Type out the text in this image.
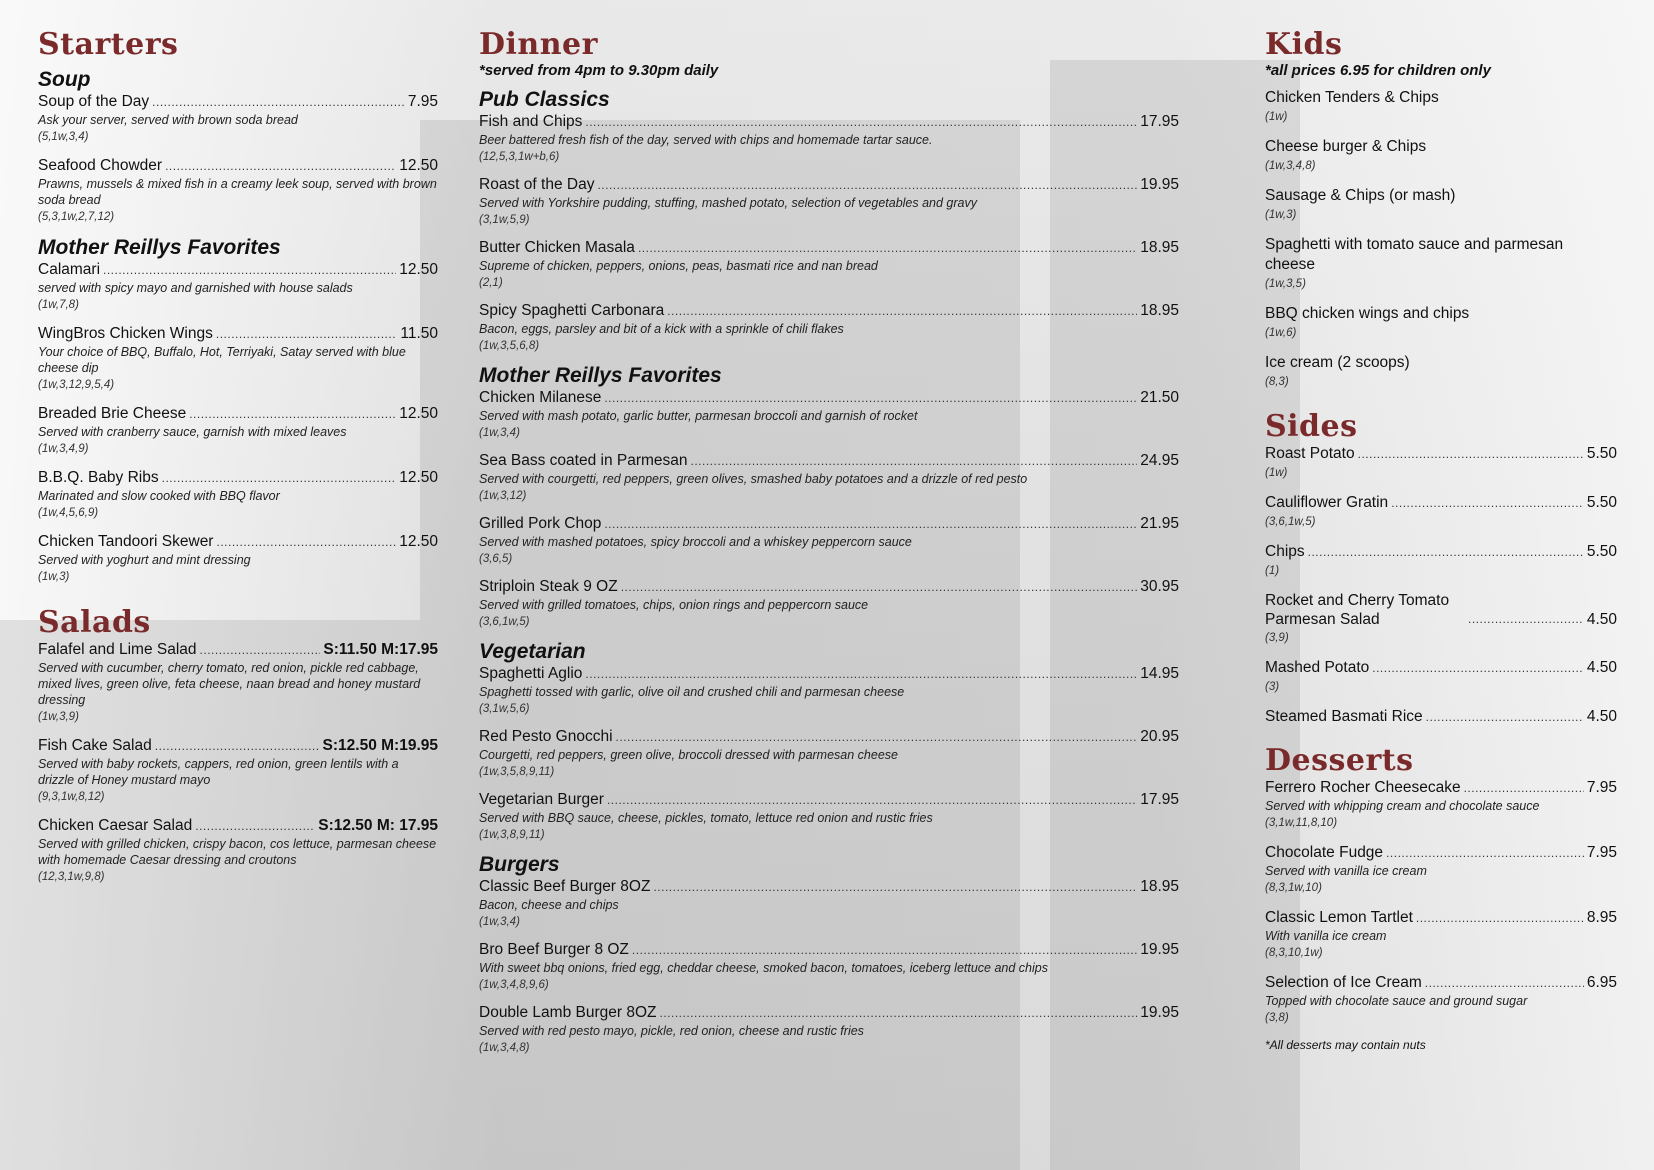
Starters
Soup
Soup of the Day .....	7.95
Ask your server, served with brown soda bread
(5,1w,3,4)
Seafood Chowder .....	12.50
Prawns, mussels & mixed fish in a creamy leek soup, served with brown soda bread
(5,3,1w,2,7,12)
Mother Reillys Favorites
Calamari .....	12.50
served with spicy mayo and garnished with house salads
(1w,7,8)
WingBros Chicken Wings .....	11.50
Your choice of BBQ, Buffalo, Hot, Terriyaki, Satay served with blue cheese dip
(1w,3,12,9,5,4)
Breaded Brie Cheese .....	12.50
Served with cranberry sauce, garnish with mixed leaves
(1w,3,4,9)
B.B.Q. Baby Ribs .....	12.50
Marinated and slow cooked with BBQ flavor
(1w,4,5,6,9)
Chicken Tandoori Skewer .....	12.50
Served with yoghurt and mint dressing
(1w,3)
Salads
Falafel and Lime Salad .....	S:11.50 M:17.95
Served with cucumber, cherry tomato, red onion, pickle red cabbage, mixed lives, green olive, feta cheese, naan bread and honey mustard dressing
(1w,3,9)
Fish Cake Salad .....	S:12.50 M:19.95
Served with baby rockets, cappers, red onion, green lentils with a drizzle of Honey mustard mayo
(9,3,1w,8,12)
Chicken Caesar Salad .....	S:12.50 M: 17.95
Served with grilled chicken, crispy bacon, cos lettuce, parmesan cheese with homemade Caesar dressing and croutons
(12,3,1w,9,8)
Dinner

*served from 4pm to 9.30pm daily

Pub Classics
Fish and Chips .....	17.95
Beer battered fresh fish of the day, served with chips and homemade tartar sauce.
(12,5,3,1w+b,6)
Roast of the Day .....	19.95
Served with Yorkshire pudding, stuffing, mashed potato, selection of vegetables and gravy
(3,1w,5,9)
Butter Chicken Masala .....	18.95
Supreme of chicken, peppers, onions, peas, basmati rice and nan bread
(2,1)
Spicy Spaghetti Carbonara .....	18.95
Bacon, eggs, parsley and bit of a kick with a sprinkle of chili flakes
(1w,3,5,6,8)
Mother Reillys Favorites
Chicken Milanese .....	21.50
Served with mash potato, garlic butter, parmesan broccoli and garnish of rocket
(1w,3,4)
Sea Bass coated in Parmesan .....	24.95
Served with courgetti, red peppers, green olives, smashed baby potatoes and a drizzle of red pesto
(1w,3,12)
Grilled Pork Chop .....	21.95
Served with mashed potatoes, spicy broccoli and a whiskey peppercorn sauce
(3,6,5)
Striploin Steak 9 OZ .....	30.95
Served with grilled tomatoes, chips, onion rings and peppercorn sauce
(3,6,1w,5)
Vegetarian
Spaghetti Aglio .....	14.95
Spaghetti tossed with garlic, olive oil and crushed chili and parmesan cheese
(3,1w,5,6)
Red Pesto Gnocchi .....	20.95
Courgetti, red peppers, green olive, broccoli dressed with parmesan cheese
(1w,3,5,8,9,11)
Vegetarian Burger .....	17.95
Served with BBQ sauce, cheese, pickles, tomato, lettuce red onion and rustic fries
(1w,3,8,9,11)
Burgers
Classic Beef Burger 8OZ .....	18.95
Bacon, cheese and chips
(1w,3,4)
Bro Beef Burger 8 OZ .....	19.95
With sweet bbq onions, fried egg, cheddar cheese, smoked bacon, tomatoes, iceberg lettuce and chips
(1w,3,4,8,9,6)
Double Lamb Burger 8OZ .....	19.95
Served with red pesto mayo, pickle, red onion, cheese and rustic fries
(1w,3,4,8)
Kids

*all prices 6.95 for children only

Chicken Tenders & Chips
(1w)
Cheese burger & Chips
(1w,3,4,8)
Sausage & Chips (or mash)
(1w,3)
Spaghetti with tomato sauce and parmesan cheese
(1w,3,5)
BBQ chicken wings and chips
(1w,6)
Ice cream (2 scoops)
(8,3)
Sides
Roast Potato .....	5.50
(1w)
Cauliflower Gratin .....	5.50
(3,6,1w,5)
Chips .....	5.50
(1)
Rocket and Cherry Tomato Parmesan Salad .....	4.50
(3,9)
Mashed Potato .....	4.50
(3)
Steamed Basmati Rice .....	4.50
Desserts
Ferrero Rocher Cheesecake .....	7.95
Served with whipping cream and chocolate sauce
(3,1w,11,8,10)
Chocolate Fudge .....	7.95
Served with vanilla ice cream
(8,3,1w,10)
Classic Lemon Tartlet .....	8.95
With vanilla ice cream
(8,3,10,1w)
Selection of Ice Cream .....	6.95
Topped with chocolate sauce and ground sugar
(3,8)
*All desserts may contain nuts
